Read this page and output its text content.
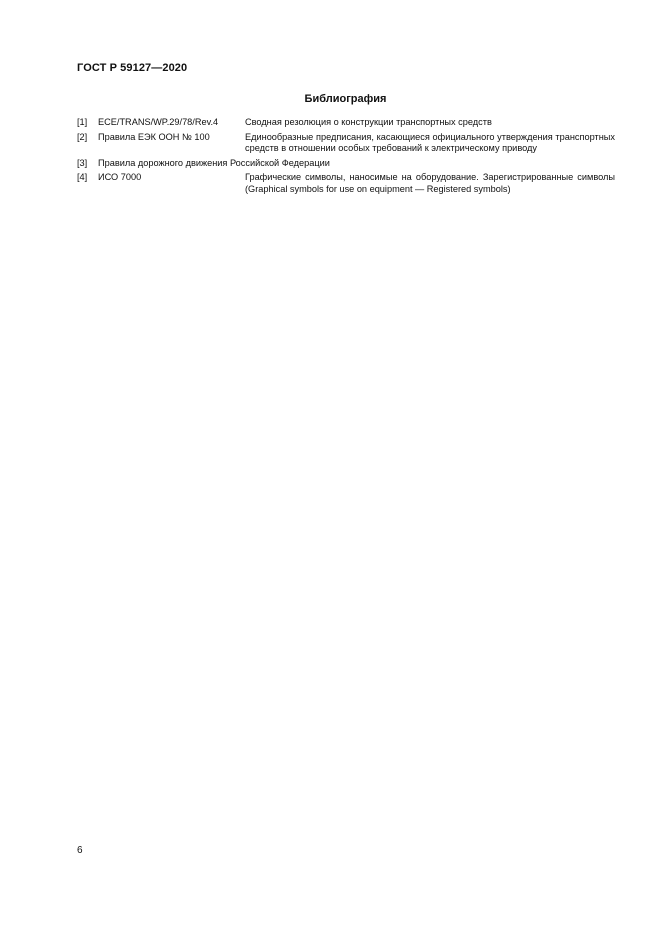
ГОСТ Р 59127—2020
Библиография
[1] ECE/TRANS/WP.29/78/Rev.4	Сводная резолюция о конструкции транспортных средств
[2] Правила ЕЭК ООН № 100	Единообразные предписания, касающиеся официального утверждения транспортных средств в отношении особых требований к электрическому приводу
[3] Правила дорожного движения Российской Федерации
[4] ИСО 7000	Графические символы, наносимые на оборудование. Зарегистрированные символы (Graphical symbols for use on equipment — Registered symbols)
6
